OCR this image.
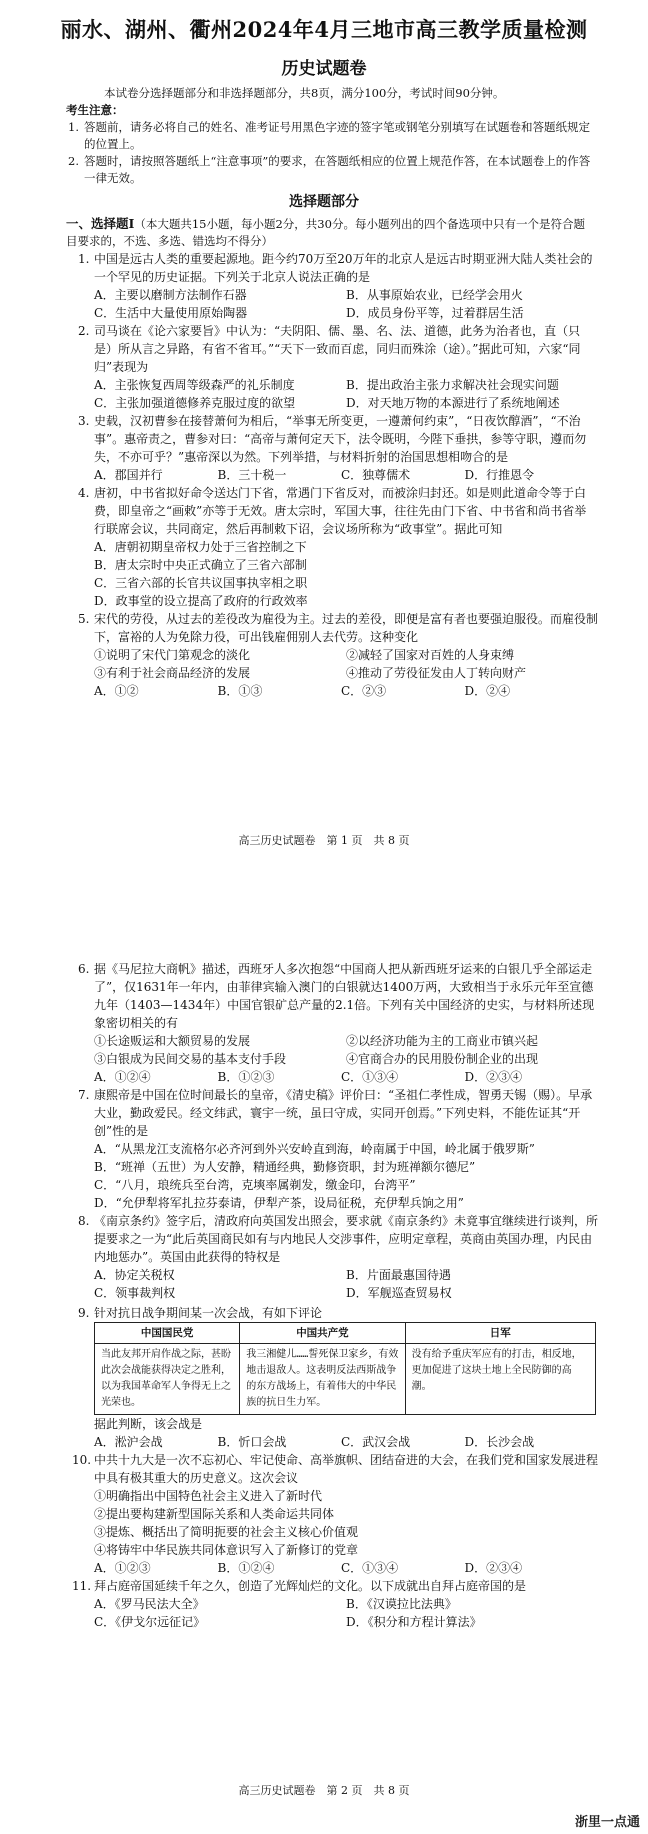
丽水、湖州、衢州2024年4月三地市高三教学质量检测
历史试题卷

本试卷分选择题部分和非选择题部分，共8页，满分100分，考试时间90分钟。

考生注意：

1. 答题前，请务必将自己的姓名、准考证号用黑色字迹的签字笔或钢笔分别填写在试题卷和答题纸规定的位置上。

2. 答题时，请按照答题纸上“注意事项”的要求，在答题纸相应的位置上规范作答，在本试题卷上的作答一律无效。

选择题部分

一、选择题Ⅰ（本大题共15小题，每小题2分，共30分。每小题列出的四个备选项中只有一个是符合题目要求的，不选、多选、错选均不得分）

1. 中国是远古人类的重要起源地。距今约70万至20万年的北京人是远古时期亚洲大陆人类社会的一个罕见的历史证据。下列关于北京人说法正确的是

A．主要以磨制方法制作石器	B．从事原始农业，已经学会用火
C．生活中大量使用原始陶器	D．成员身份平等，过着群居生活

2. 司马谈在《论六家要旨》中认为：“夫阴阳、儒、墨、名、法、道德，此务为治者也，直（只是）所从言之异路，有省不省耳。”“天下一致而百虑，同归而殊涂（途）。”据此可知，六家“同归”表现为

A．主张恢复西周等级森严的礼乐制度	B．提出政治主张力求解决社会现实问题
C．主张加强道德修养克服过度的欲望	D．对天地万物的本源进行了系统地阐述

3. 史载，汉初曹参在接替萧何为相后，“举事无所变更，一遵萧何约束”，“日夜饮醇酒”，“不治事”。惠帝责之，曹参对曰：“高帝与萧何定天下，法令既明，今陛下垂拱，参等守职，遵而勿失，不亦可乎？”惠帝深以为然。下列举措，与材料折射的治国思想相吻合的是

A．郡国并行	B．三十税一	C．独尊儒术	D．行推恩令

4. 唐初，中书省拟好命令送达门下省，常遇门下省反对，而被涂归封还。如是则此道命令等于白费，即皇帝之“画敕”亦等于无效。唐太宗时，军国大事，往往先由门下省、中书省和尚书省举行联席会议，共同商定，然后再制敕下诏，会议场所称为“政事堂”。据此可知

A．唐朝初期皇帝权力处于三省控制之下
B．唐太宗时中央正式确立了三省六部制
C．三省六部的长官共议国事执宰相之职
D．政事堂的设立提高了政府的行政效率

5. 宋代的劳役，从过去的差役改为雇役为主。过去的差役，即便是富有者也要强迫服役。而雇役制下，富裕的人为免除力役，可出钱雇佣别人去代劳。这种变化

①说明了宋代门第观念的淡化	②减轻了国家对百姓的人身束缚
③有利于社会商品经济的发展	④推动了劳役征发由人丁转向财产
A．①②	B．①③	C．②③	D．②④
高三历史试题卷　第 1 页　共 8 页

6. 据《马尼拉大商帆》描述，西班牙人多次抱怨“中国商人把从新西班牙运来的白银几乎全部运走了”，仅1631年一年内，由菲律宾输入澳门的白银就达1400万两，大致相当于永乐元年至宣德九年（1403—1434年）中国官银矿总产量的2.1倍。下列有关中国经济的史实，与材料所述现象密切相关的有

①长途贩运和大额贸易的发展	②以经济功能为主的工商业市镇兴起
③白银成为民间交易的基本支付手段	④官商合办的民用股份制企业的出现
A．①②④	B．①②③	C．①③④	D．②③④

7. 康熙帝是中国在位时间最长的皇帝，《清史稿》评价曰：“圣祖仁孝性成，智勇天锡（赐）。早承大业，勤政爱民。经文纬武，寰宇一统，虽曰守成，实同开创焉。”下列史料，不能佐证其“开创”性的是

A．“从黑龙江支流格尔必齐河到外兴安岭直到海，岭南属于中国，岭北属于俄罗斯”
B．“班禅（五世）为人安静，精通经典，勤修资职，封为班禅额尔德尼”
C．“八月，琅统兵至台湾，克塽率属剃发，缴金印，台湾平”
D．“允伊犁将军扎拉芬泰请，伊犁产茶，设局征税，充伊犁兵饷之用”

8. 《南京条约》签字后，清政府向英国发出照会，要求就《南京条约》未竟事宜继续进行谈判，所提要求之一为“此后英国商民如有与内地民人交涉事件，应明定章程，英商由英国办理，内民由内地惩办”。英国由此获得的特权是

A．协定关税权	B．片面最惠国待遇
C．领事裁判权	D．军舰巡查贸易权

9. 针对抗日战争期间某一次会战，有如下评论

中国国民党	中国共产党	日军
当此友邦开肩作战之际，甚盼此次会战能获得决定之胜利，以为我国革命军人争得无上之光荣也。	我三湘健儿……誓死保卫家乡，有效地击退敌人。这表明反法西斯战争的东方战场上，有着伟大的中华民族的抗日生力军。	没有给予重庆军应有的打击，相反地，更加促进了这块土地上全民防御的高潮。

据此判断，该会战是

A．淞沪会战	B．忻口会战	C．武汉会战	D．长沙会战

10. 中共十九大是一次不忘初心、牢记使命、高举旗帜、团结奋进的大会，在我们党和国家发展进程中具有极其重大的历史意义。这次会议

①明确指出中国特色社会主义进入了新时代
②提出要构建新型国际关系和人类命运共同体
③提炼、概括出了简明扼要的社会主义核心价值观
④将铸牢中华民族共同体意识写入了新修订的党章
A．①②③	B．①②④	C．①③④	D．②③④

11. 拜占庭帝国延续千年之久，创造了光辉灿烂的文化。以下成就出自拜占庭帝国的是

A．《罗马民法大全》	B．《汉谟拉比法典》
C．《伊戈尔远征记》	D．《积分和方程计算法》
高三历史试题卷　第 2 页　共 8 页
浙里一点通
